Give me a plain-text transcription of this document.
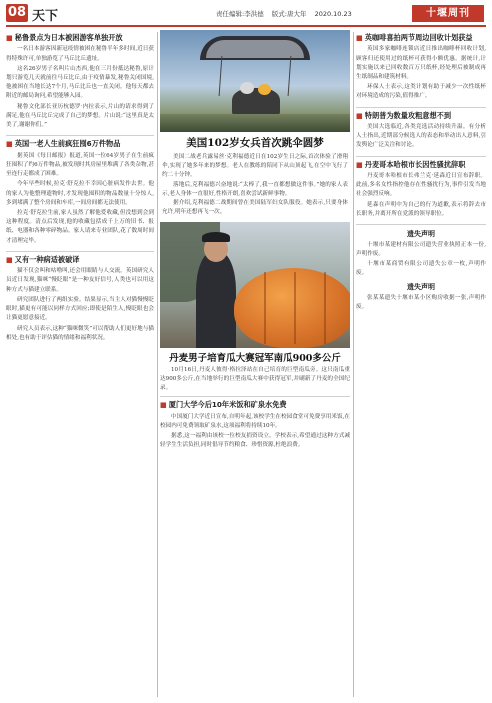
08 天下	责任编辑:李洪德 版式:唐大年 2020.10.23	十堰周刊
■ 秘鲁景点为日本被困游客单独开放

一名日本游客因新冠疫情被困在秘鲁半年多时间,近日获得特殊许可,单独游览了马丘比丘遗址。

这名26岁男子名叫片山杰西,他在三月份抵达秘鲁,原计划只游览几天就前往马丘比丘,由于疫情暴发,秘鲁关闭国境,他被困在当地长达7个月,马丘比丘也一直关闭。他每天都去附近的邮局询问,希望能够入园。

秘鲁文化部长亚历杭德罗·内拉表示,片山的请求得到了满足,他在马丘比丘完成了自己的梦想。片山说:“这里真是太美了,谢谢你们。”

■ 英国一老人生前疯狂囤6万件物品

据英国《每日邮报》报道,英国一位64岁男子在生前疯狂囤积了约6万件物品,被发现时其房屋里堆满了各类杂物,甚至连行走都成了困难。

今年早些时候,拉克·舒克拉不幸因心脏病发作去世。他的家人为他整理遗物时,才发现他囤积的物品数量十分惊人,多到堵满了整个房间和车库,一间房间都无法使用。

拉克·舒克拉生前,家人虽然了解他爱收藏,但没想到会到这种程度。清点后发现,他的收藏包括成千上万的旧书、报纸、电器和各种零碎物品。家人请来专业团队,花了数周时间才清理完毕。

■ 又有一种病适被破译

猫不仅会叫和咕噜叫,还会用眼睛与人交流。英国研究人员近日发现,猫咪“慢眨眼”是一种友好信号,人类也可以用这种方式与猫建立联系。

研究团队进行了两组实验。结果显示,当主人对猫慢慢眨眼时,猫更有可能以同样方式回应;即使是陌生人,慢眨眼也会让猫更愿意接近。

研究人员表示,这种“猫咪微笑”可以帮助人们更好地与猫相处,也有助于评估猫的情绪和福利状况。

美国102岁女兵首次跳伞圆梦

美国二战老兵露易丝·克利福德近日在102岁生日之际,首次体验了滑翔伞,实现了她多年来的梦想。老人在教练的陪同下从山顶起飞,在空中飞行了约二十分钟。

落地后,克利福德兴奋地说:“太棒了,我一直都想做这件事。”她的家人表示,老人身体一直很好,性格开朗,喜欢尝试新鲜事物。

据介绍,克利福德二战期间曾在美国陆军妇女队服役。她表示,只要身体允许,明年还想再飞一次。

丹麦男子培育瓜大赛冠军南瓜900多公斤

10月16日,丹麦人彼得·格拉泽站在自己培育的巨型南瓜旁。这只南瓜重达900多公斤,在当地举行的巨型南瓜大赛中获得冠军,并刷新了丹麦的全国纪录。

■ 厦门大学今后10年米饭和矿泉水免费

中国厦门大学近日宣布,自明年起,该校学生在校园食堂可免费享用米饭,在校园内可免费领取矿泉水,这项福利将持续10年。

据悉,这一福利由该校一位校友捐资设立。学校表示,希望通过这种方式减轻学生生活负担,同时倡导节约粮食、珍惜资源,杜绝浪费。

■ 英咖啡喜拍两节周边回收计划获益

英国多家咖啡连锁店近日推出咖啡杯回收计划,顾客归还使用过的纸杯可获得小额优惠。据统计,计划实施以来已回收数百万只纸杯,经处理后被制成再生纸制品和建筑材料。

环保人士表示,这类计划有助于减少一次性纸杯对环境造成的污染,值得推广。

■ 特朗普为数量攻粗意想不到

美国大选临近,各类竞选活动持续升温。有分析人士指出,近期部分候选人的表态和举动出人意料,引发舆论广泛关注和讨论。

■ 丹麦哥本哈根市长因性骚扰辞职

丹麦哥本哈根市长弗兰克·延森近日宣布辞职。此前,多名女性指控他存在性骚扰行为,事件引发当地社会强烈反响。

延森在声明中为自己的行为道歉,表示将辞去市长职务,并离开所在党派的领导职位。

遗失声明

十堰市某建材有限公司遗失营业执照正本一份,声明作废。

十堰市某商贸有限公司遗失公章一枚,声明作废。

遗失声明

张某某遗失十堰市某小区购房收据一张,声明作废。
